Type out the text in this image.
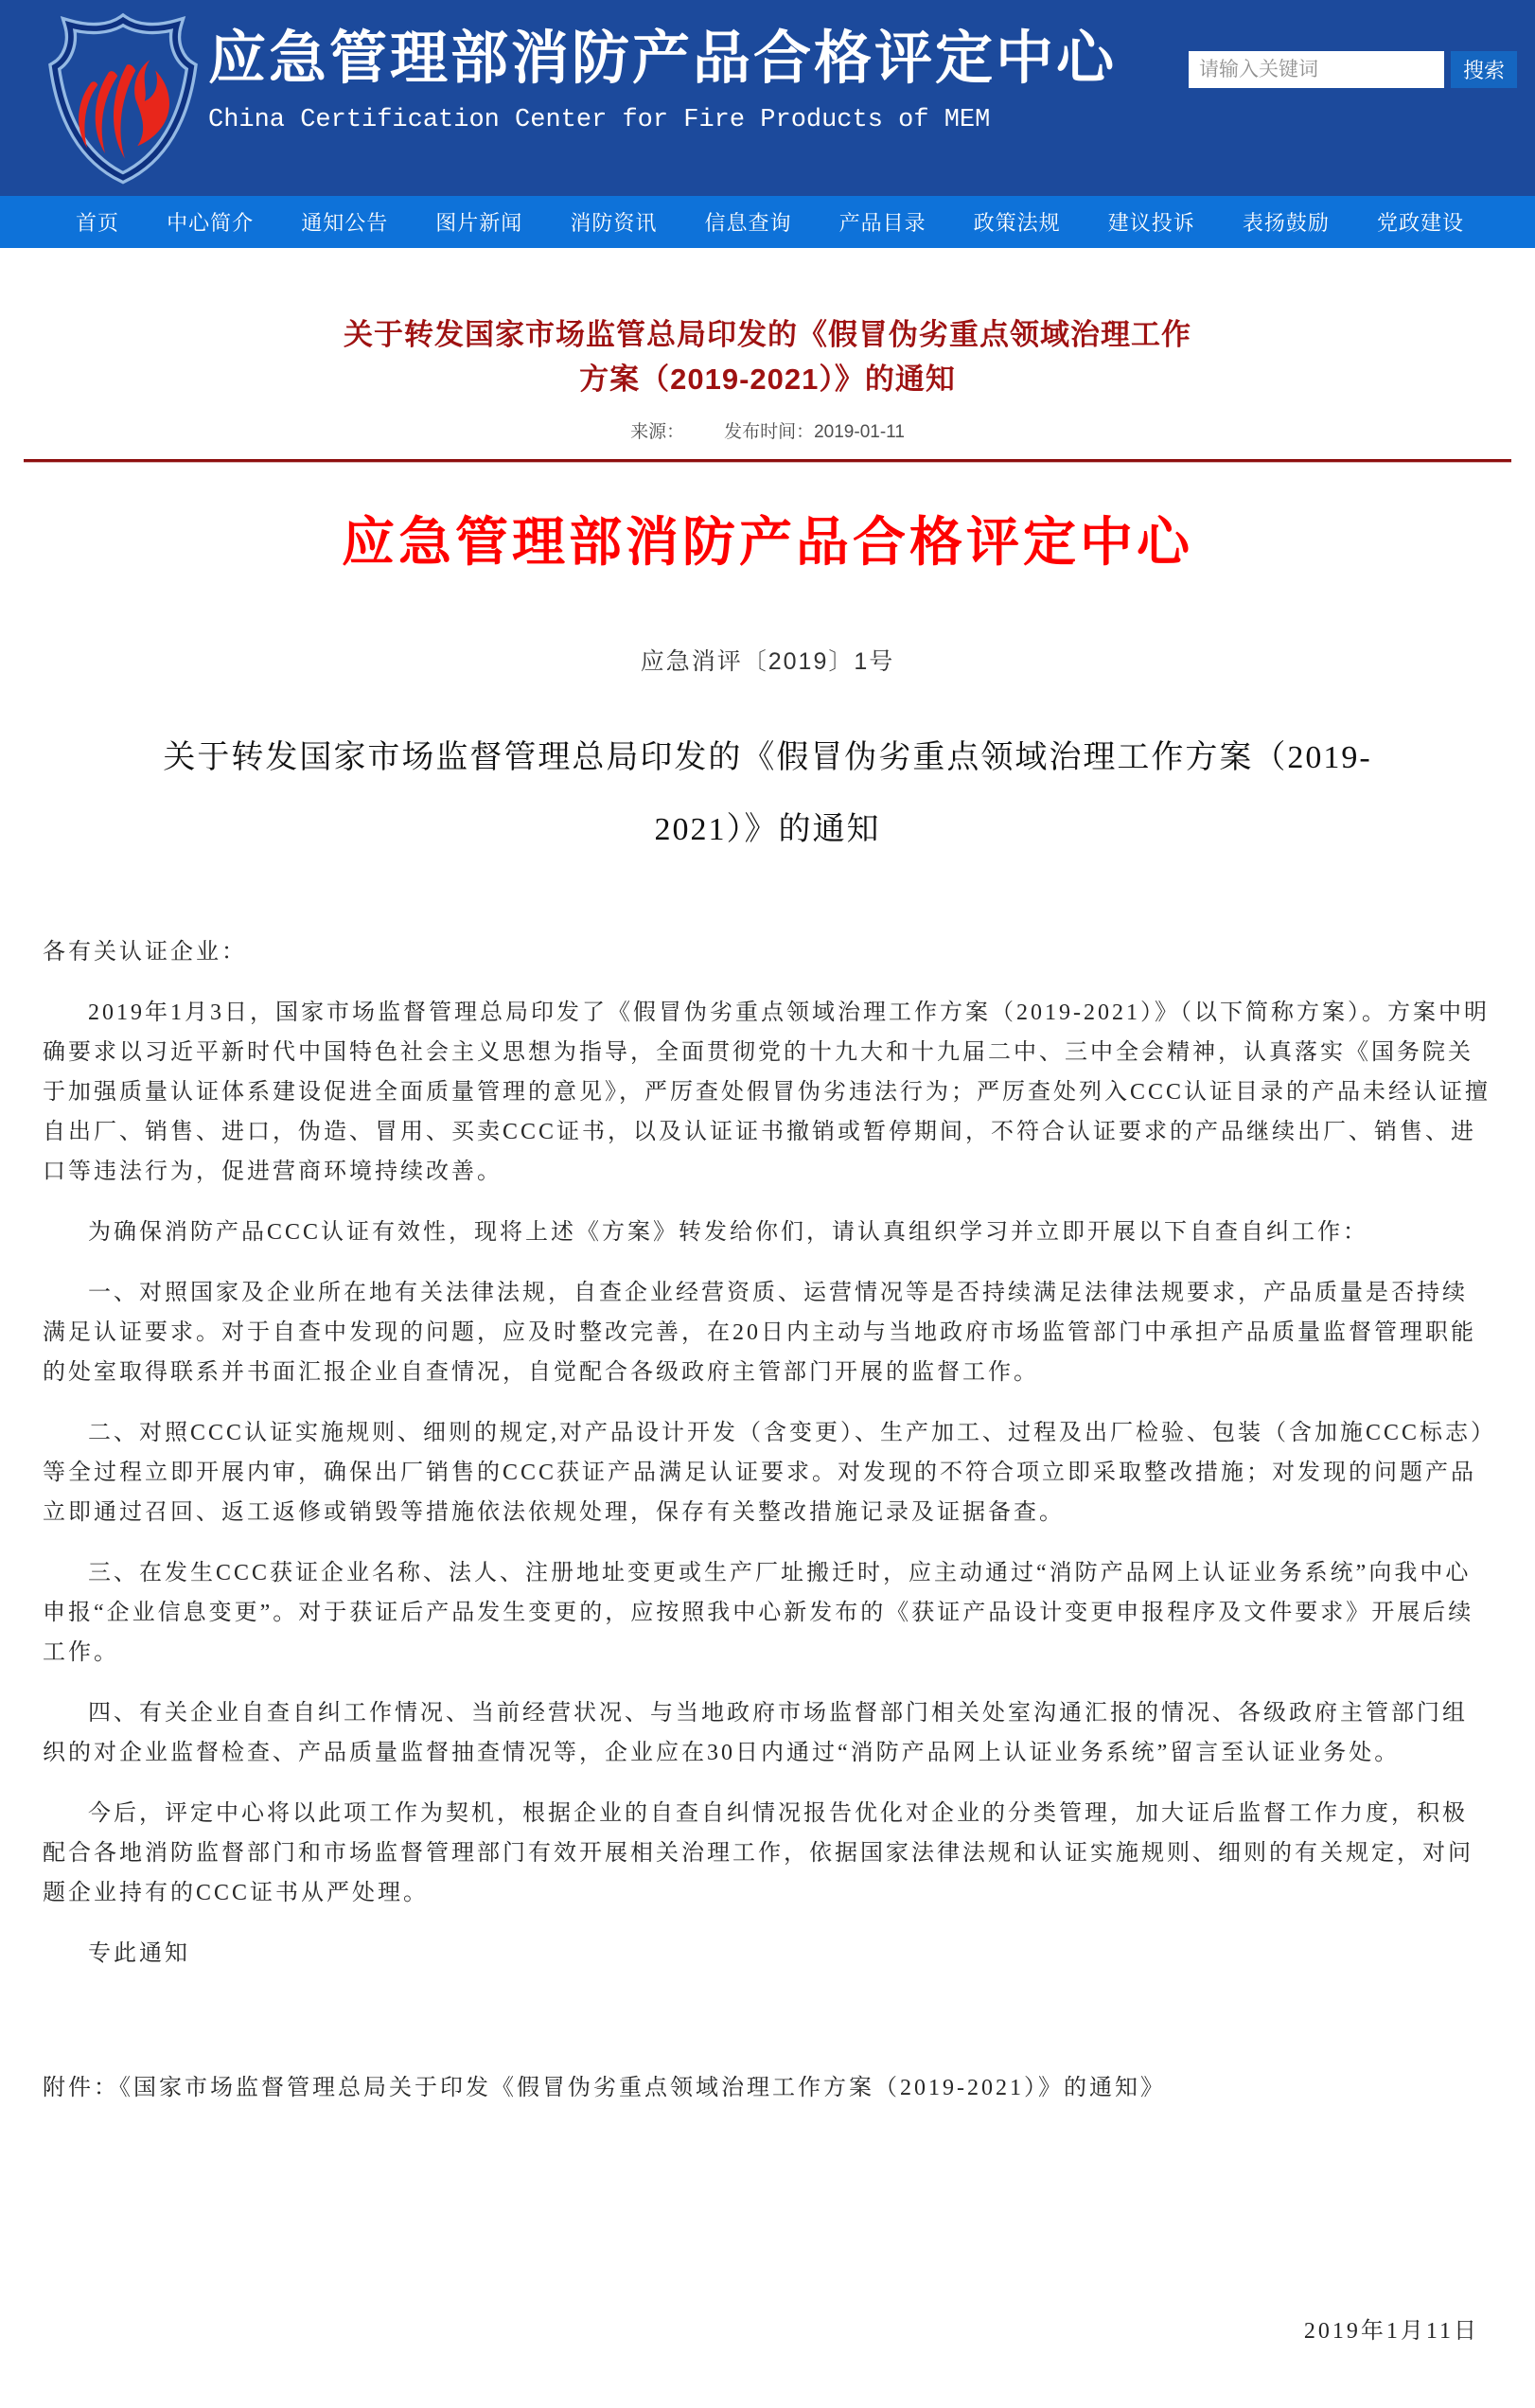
应急管理部消防产品合格评定中心
China Certification Center for Fire Products of MEM
请输入关键词
搜索
首页 中心简介 通知公告 图片新闻 消防资讯 信息查询 产品目录 政策法规 建议投诉 表扬鼓励 党政建设
关于转发国家市场监管总局印发的《假冒伪劣重点领域治理工作
方案（2019-2021）》的通知
来源： 发布时间：2019-01-11
应急管理部消防产品合格评定中心
应急消评〔2019〕1号
关于转发国家市场监督管理总局印发的《假冒伪劣重点领域治理工作方案（2019-
2021）》的通知

各有关认证企业：

2019年1月3日，国家市场监督管理总局印发了《假冒伪劣重点领域治理工作方案（2019-2021）》（以下简称方案）。方案中明确要求以习近平新时代中国特色社会主义思想为指导，全面贯彻党的十九大和十九届二中、三中全会精神，认真落实《国务院关于加强质量认证体系建设促进全面质量管理的意见》，严厉查处假冒伪劣违法行为；严厉查处列入CCC认证目录的产品未经认证擅自出厂、销售、进口，伪造、冒用、买卖CCC证书，以及认证证书撤销或暂停期间，不符合认证要求的产品继续出厂、销售、进口等违法行为，促进营商环境持续改善。

为确保消防产品CCC认证有效性，现将上述《方案》转发给你们，请认真组织学习并立即开展以下自查自纠工作：

一、对照国家及企业所在地有关法律法规，自查企业经营资质、运营情况等是否持续满足法律法规要求，产品质量是否持续满足认证要求。对于自查中发现的问题，应及时整改完善，在20日内主动与当地政府市场监管部门中承担产品质量监督管理职能的处室取得联系并书面汇报企业自查情况，自觉配合各级政府主管部门开展的监督工作。

二、对照CCC认证实施规则、细则的规定,对产品设计开发（含变更）、生产加工、过程及出厂检验、包装（含加施CCC标志）等全过程立即开展内审，确保出厂销售的CCC获证产品满足认证要求。对发现的不符合项立即采取整改措施；对发现的问题产品立即通过召回、返工返修或销毁等措施依法依规处理，保存有关整改措施记录及证据备查。

三、在发生CCC获证企业名称、法人、注册地址变更或生产厂址搬迁时，应主动通过“消防产品网上认证业务系统”向我中心申报“企业信息变更”。对于获证后产品发生变更的，应按照我中心新发布的《获证产品设计变更申报程序及文件要求》开展后续工作。

四、有关企业自查自纠工作情况、当前经营状况、与当地政府市场监督部门相关处室沟通汇报的情况、各级政府主管部门组织的对企业监督检查、产品质量监督抽查情况等，企业应在30日内通过“消防产品网上认证业务系统”留言至认证业务处。

今后，评定中心将以此项工作为契机，根据企业的自查自纠情况报告优化对企业的分类管理，加大证后监督工作力度，积极配合各地消防监督部门和市场监督管理部门有效开展相关治理工作，依据国家法律法规和认证实施规则、细则的有关规定，对问题企业持有的CCC证书从严处理。

专此通知

附件：《国家市场监督管理总局关于印发《假冒伪劣重点领域治理工作方案（2019-2021）》的通知》

2019年1月11日
